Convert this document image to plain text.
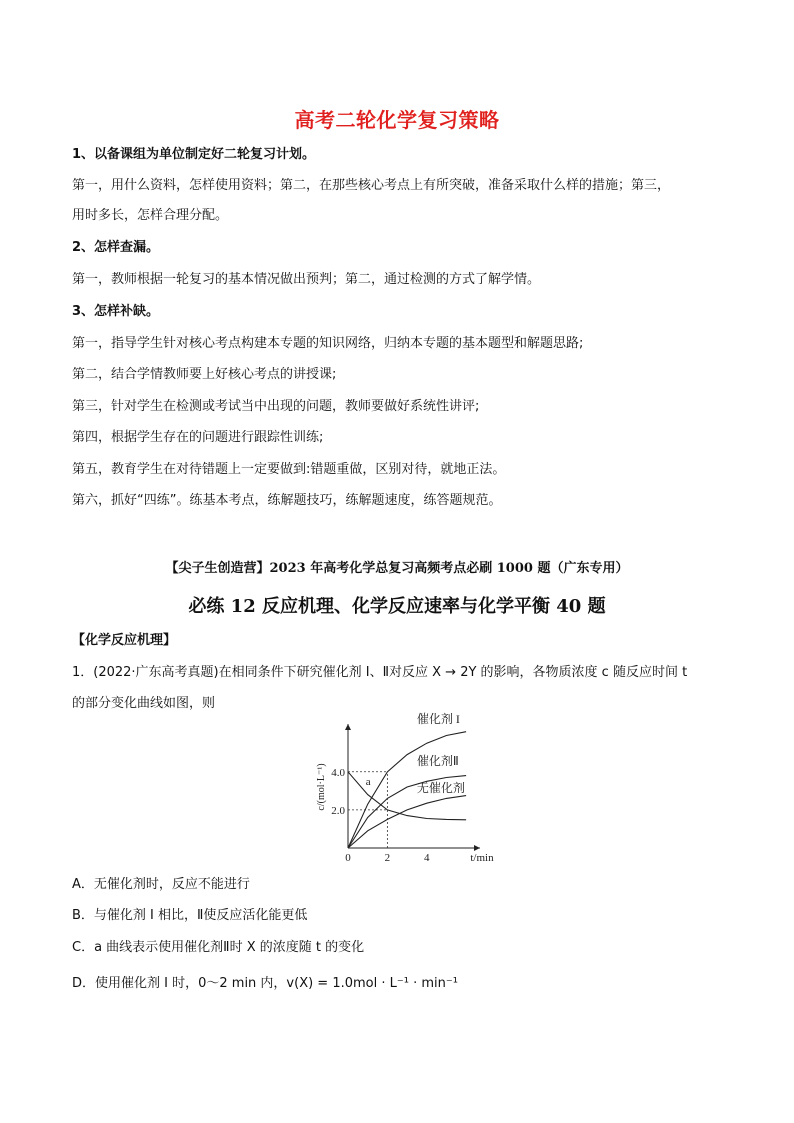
高考二轮化学复习策略
1、以备课组为单位制定好二轮复习计划。
第一，用什么资料，怎样使用资料；第二，在那些核心考点上有所突破，准备采取什么样的措施；第三，
用时多长，怎样合理分配。
2、怎样查漏。
第一，教师根据一轮复习的基本情况做出预判；第二，通过检测的方式了解学情。
3、怎样补缺。
第一，指导学生针对核心考点构建本专题的知识网络，归纳本专题的基本题型和解题思路;
第二，结合学情教师要上好核心考点的讲授课;
第三，针对学生在检测或考试当中出现的问题，教师要做好系统性讲评;
第四，根据学生存在的问题进行跟踪性训练;
第五，教育学生在对待错题上一定要做到:错题重做，区别对待，就地正法。
第六，抓好“四练”。练基本考点，练解题技巧，练解题速度，练答题规范。
【尖子生创造营】2023 年高考化学总复习高频考点必刷 1000 题（广东专用）
必练 12 反应机理、化学反应速率与化学平衡 40 题
【化学反应机理】
1．(2022·广东高考真题)在相同条件下研究催化剂 I、Ⅱ对反应 X → 2Y 的影响，各物质浓度 c 随反应时间 t
的部分变化曲线如图，则
0	2	4
2.0
4.0
t/min
c/(mol·L⁻¹)	a
催化剂 I
催化剂Ⅱ
无催化剂
A．无催化剂时，反应不能进行
B．与催化剂 I 相比，Ⅱ使反应活化能更低
C．a 曲线表示使用催化剂Ⅱ时 X 的浓度随 t 的变化
D．使用催化剂 I 时，0～2 min 内，v(X) = 1.0mol · L⁻¹ · min⁻¹
